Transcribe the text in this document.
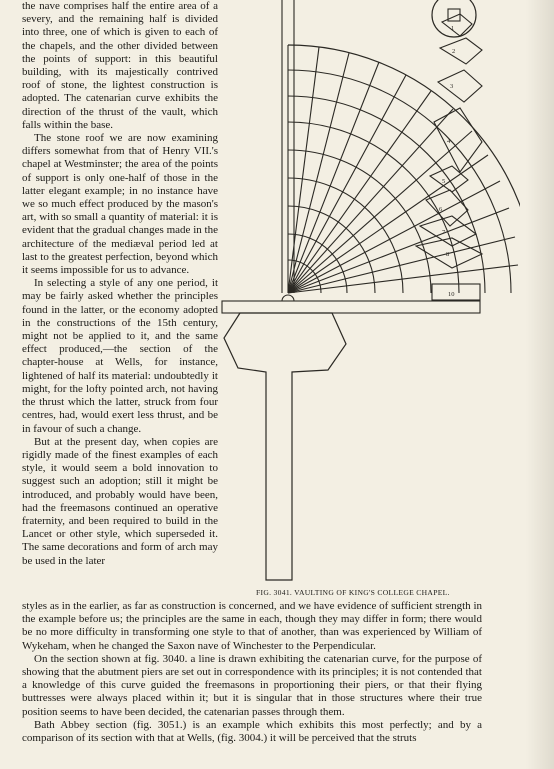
the nave comprises half the entire area of a severy, and the remaining half is divided into three, one of which is given to each of the chapels, and the other divided between the points of support: in this beautiful building, with its majestically contrived roof of stone, the lightest construction is adopted. The catenarian curve exhibits the direction of the thrust of the vault, which falls within the base.

The stone roof we are now examining differs somewhat from that of Henry VII.'s chapel at Westminster; the area of the points of support is only one-half of those in the latter elegant example; in no instance have we so much effect produced by the mason's art, with so small a quantity of material: it is evident that the gradual changes made in the architecture of the mediæval period led at last to the greatest perfection, beyond which it seems impossible for us to advance.

In selecting a style of any one period, it may be fairly asked whether the principles found in the latter, or the economy adopted in the constructions of the 15th century, might not be applied to it, and the same effect produced,—the section of the chapter-house at Wells, for instance, lightened of half its material: undoubtedly it might, for the lofty pointed arch, not having the thrust which the latter, struck from four centres, had, would exert less thrust, and be in favour of such a change.

But at the present day, when copies are rigidly made of the finest examples of each style, it would seem a bold innovation to suggest such an adoption; still it might be introduced, and probably would have been, had the freemasons continued an operative fraternity, and been required to build in the Lancet or other style, which superseded it. The same decorations and form of arch may be used in the later

1
2
3
4
5
6
7
8
10
FIG. 3041. VAULTING OF KING'S COLLEGE CHAPEL.

styles as in the earlier, as far as construction is concerned, and we have evidence of sufficient strength in the example before us; the principles are the same in each, though they may differ in form; there would be no more difficulty in transforming one style to that of another, than was experienced by William of Wykeham, when he changed the Saxon nave of Winchester to the Perpendicular.

On the section shown at fig. 3040. a line is drawn exhibiting the catenarian curve, for the purpose of showing that the abutment piers are set out in correspondence with its principles; it is not contended that a knowledge of this curve guided the freemasons in proportioning their piers, or that their flying buttresses were always placed within it; but it is singular that in those structures where their true position seems to have been decided, the catenarian passes through them.

Bath Abbey section (fig. 3051.) is an example which exhibits this most perfectly; and by a comparison of its section with that at Wells, (fig. 3004.) it will be perceived that the struts
